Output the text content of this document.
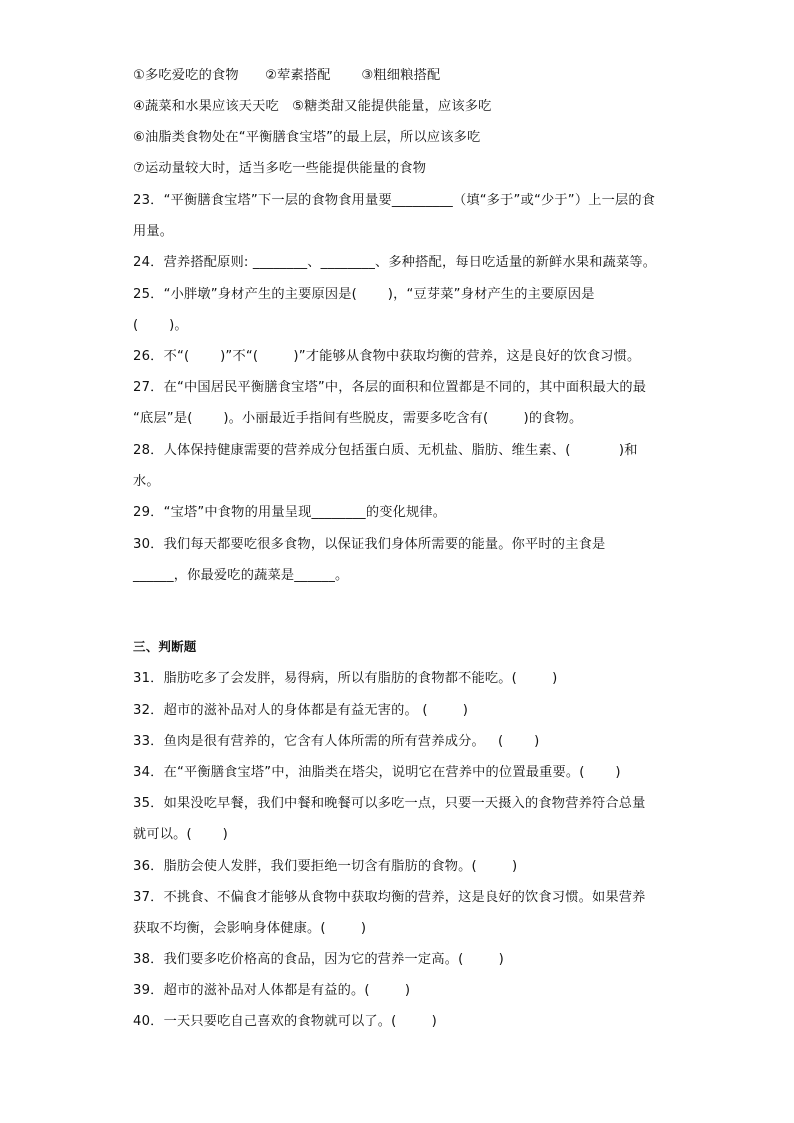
①多吃爱吃的食物      ②荤素搭配       ③粗细粮搭配
④蔬菜和水果应该天天吃   ⑤糖类甜又能提供能量，应该多吃
⑥油脂类食物处在“平衡膳食宝塔”的最上层，所以应该多吃
⑦运动量较大时，适当多吃一些能提供能量的食物
23．“平衡膳食宝塔”下一层的食物食用量要_________（填“多于”或“少于”）上一层的食
用量。
24．营养搭配原则: ________、________、多种搭配，每日吃适量的新鲜水果和蔬菜等。
25．“小胖墩”身材产生的主要原因是(       )，“豆芽菜”身材产生的主要原因是
(       )。
26．不“(       )”不“(        )”才能够从食物中获取均衡的营养，这是良好的饮食习惯。
27．在“中国居民平衡膳食宝塔”中，各层的面积和位置都是不同的，其中面积最大的最
“底层”是(       )。小丽最近手指间有些脱皮，需要多吃含有(        )的食物。
28．人体保持健康需要的营养成分包括蛋白质、无机盐、脂肪、维生素、(           )和
水。
29．“宝塔”中食物的用量呈现________的变化规律。
30．我们每天都要吃很多食物，以保证我们身体所需要的能量。你平时的主食是
______，你最爱吃的蔬菜是______。
三、判断题
31．脂肪吃多了会发胖，易得病，所以有脂肪的食物都不能吃。(        )
32．超市的滋补品对人的身体都是有益无害的。 (        )
33．鱼肉是很有营养的，它含有人体所需的所有营养成分。   (       )
34．在“平衡膳食宝塔”中，油脂类在塔尖，说明它在营养中的位置最重要。(       )
35．如果没吃早餐，我们中餐和晚餐可以多吃一点，只要一天摄入的食物营养符合总量
就可以。(       )
36．脂肪会使人发胖，我们要拒绝一切含有脂肪的食物。(        )
37．不挑食、不偏食才能够从食物中获取均衡的营养，这是良好的饮食习惯。如果营养
获取不均衡，会影响身体健康。(        )
38．我们要多吃价格高的食品，因为它的营养一定高。(        )
39．超市的滋补品对人体都是有益的。(        )
40．一天只要吃自己喜欢的食物就可以了。(        )
